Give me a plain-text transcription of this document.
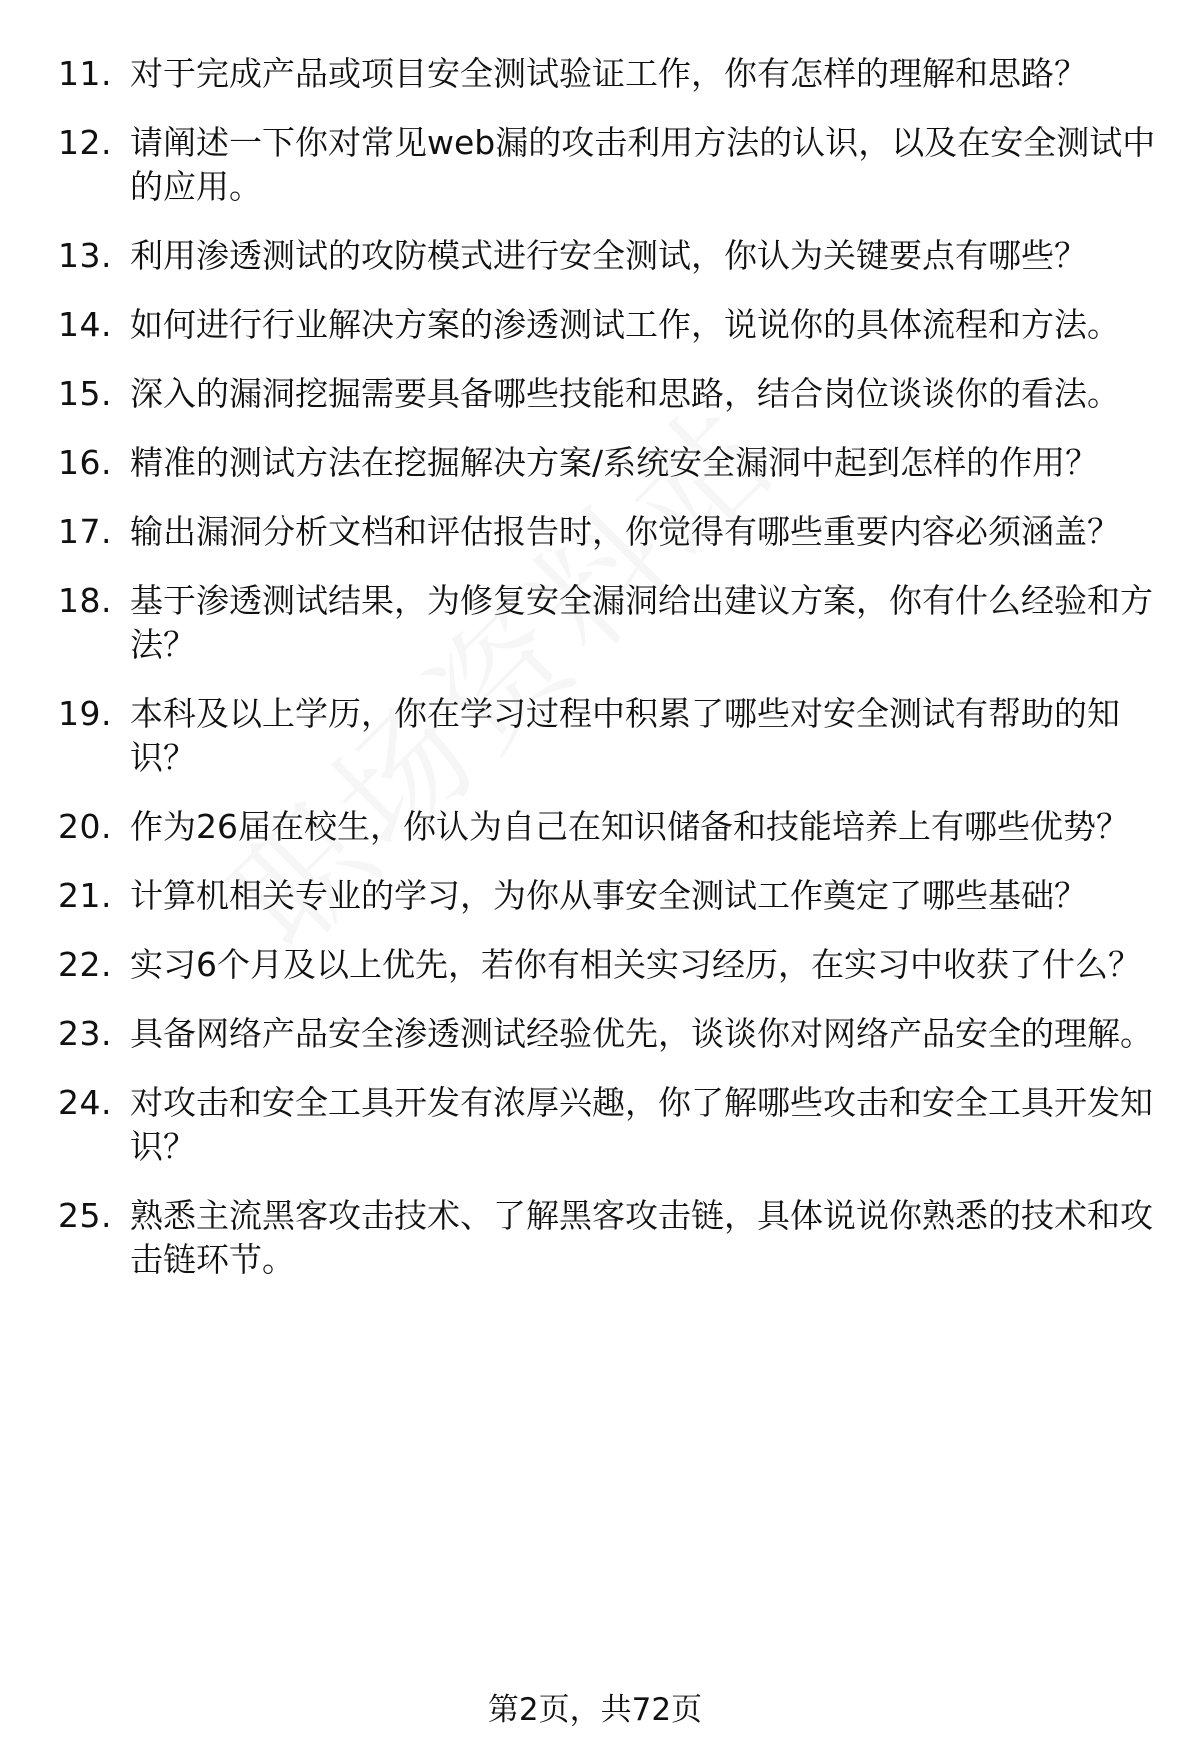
11. 对于完成产品或项目安全测试验证工作，你有怎样的理解和思路？
12. 请阐述一下你对常见web漏的攻击利用方法的认识，以及在安全测试中的应用。
13. 利用渗透测试的攻防模式进行安全测试，你认为关键要点有哪些？
14. 如何进行行业解决方案的渗透测试工作，说说你的具体流程和方法。
15. 深入的漏洞挖掘需要具备哪些技能和思路，结合岗位谈谈你的看法。
16. 精准的测试方法在挖掘解决方案/系统安全漏洞中起到怎样的作用？
17. 输出漏洞分析文档和评估报告时，你觉得有哪些重要内容必须涵盖？
18. 基于渗透测试结果，为修复安全漏洞给出建议方案，你有什么经验和方法？
19. 本科及以上学历，你在学习过程中积累了哪些对安全测试有帮助的知识？
20. 作为26届在校生，你认为自己在知识储备和技能培养上有哪些优势？
21. 计算机相关专业的学习，为你从事安全测试工作奠定了哪些基础？
22. 实习6个月及以上优先，若你有相关实习经历，在实习中收获了什么？
23. 具备网络产品安全渗透测试经验优先，谈谈你对网络产品安全的理解。
24. 对攻击和安全工具开发有浓厚兴趣，你了解哪些攻击和安全工具开发知识？
25. 熟悉主流黑客攻击技术、了解黑客攻击链，具体说说你熟悉的技术和攻击链环节。
第2页，共72页
